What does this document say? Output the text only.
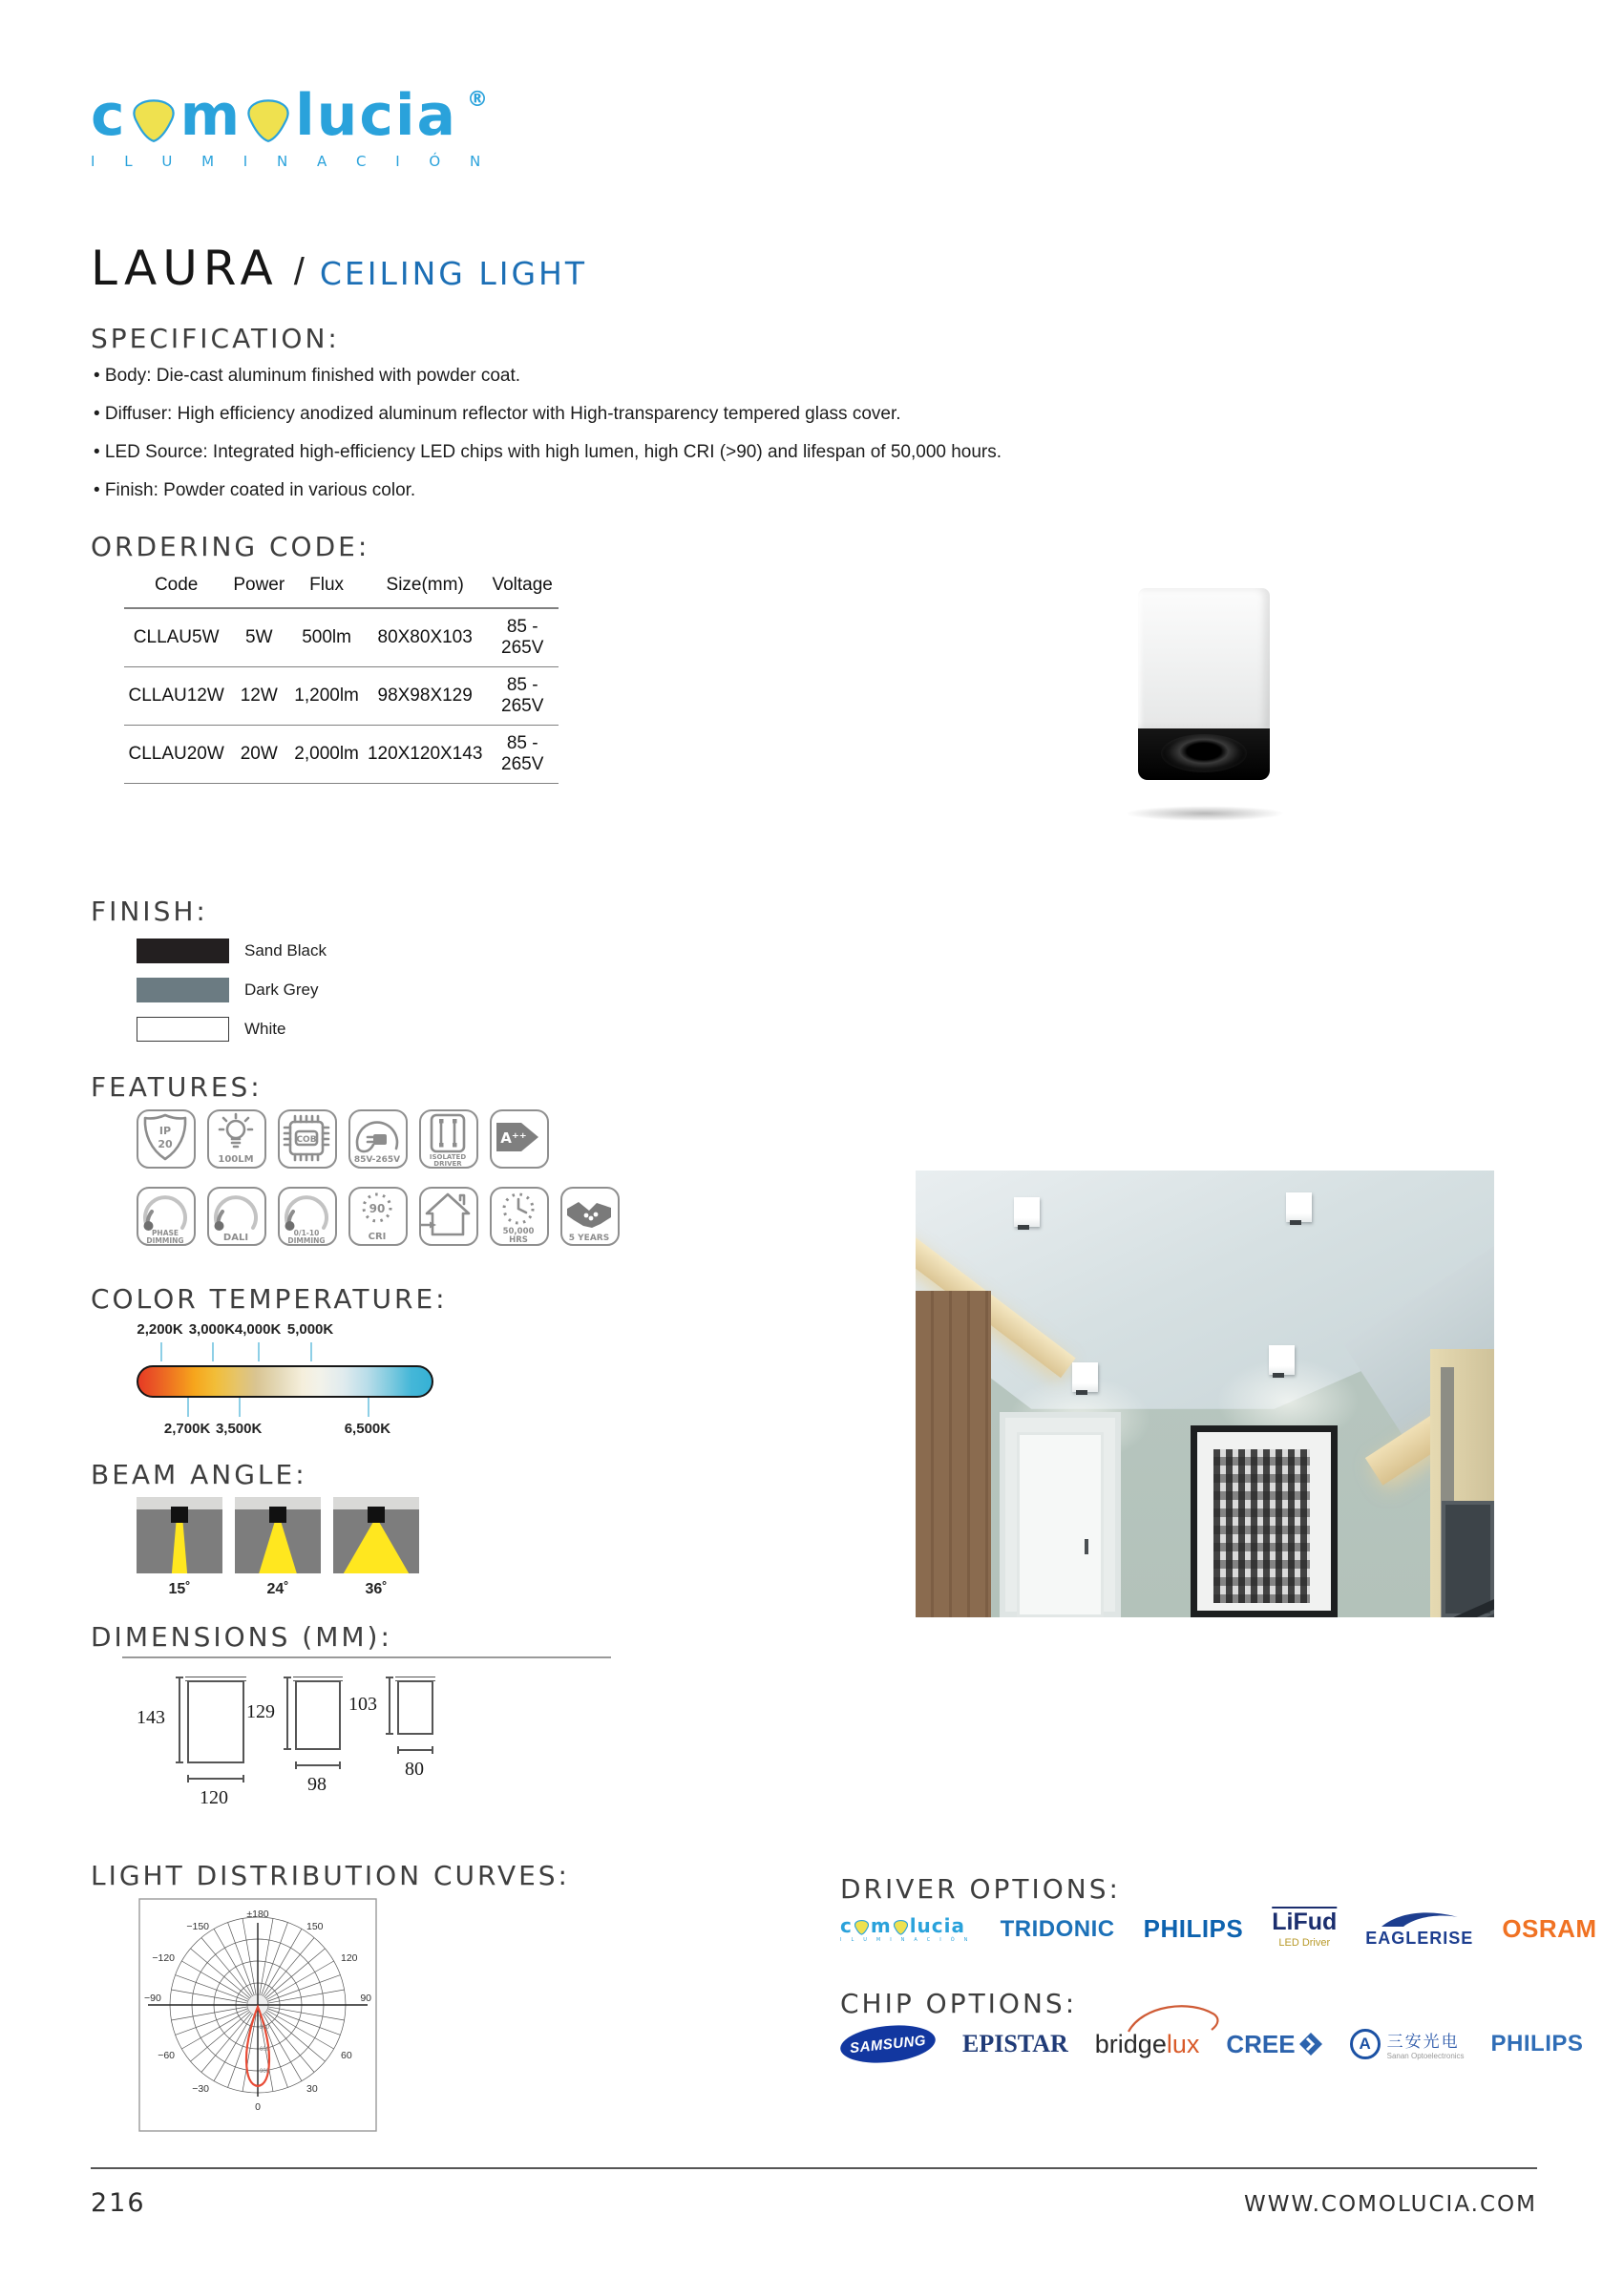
c m lucia ®
I L U M I N A C I Ó N
LAURA / CEILING LIGHT
SPECIFICATION:
• Body: Die-cast aluminum finished with powder coat.
• Diffuser: High efficiency anodized aluminum reflector with High-transparency tempered glass cover.
• LED Source: Integrated high-efficiency LED chips with high lumen, high CRI (>90) and lifespan of 50,000 hours.
• Finish: Powder coated in various color.
ORDERING CODE:
Code	Power	Flux	Size(mm)	Voltage
CLLAU5W	5W	500lm	80X80X103	85 - 265V
CLLAU12W	12W	1,200lm	98X98X129	85 - 265V
CLLAU20W	20W	2,000lm	120X120X143	85 - 265V
FINISH:
Sand Black
Dark Grey
White
FEATURES:
IP
20
100LM
COB
85V-265V	ISOLATED
DRIVER
A⁺⁺
PHASE
DIMMING	DALI	0/1-10
DIMMING
90
CRI	50,000
HRS	5 YEARS
COLOR TEMPERATURE:
2,200K 3,000K 4,000K 5,000K
2,700K 3,500K	6,500K
BEAM ANGLE:
15˚	24˚	36˚
DIMENSIONS (MM):
143
120
129
98
103
80
LIGHT DISTRIBUTION CURVES:
±180
150
−150
120
−120
90
−90
60
−60
30
−30
0
300
600
900
DRIVER OPTIONS:
c m lucia
I L U M I N A C I Ó N TRIDONIC PHILIPS LiFud
LED Driver EAGLERISE OSRAM
CHIP OPTIONS:
SAMSUNG EPISTAR bridgelux CREE	A 三安光电
Sanan Optoelectronics PHILIPS
216	WWW.COMOLUCIA.COM
